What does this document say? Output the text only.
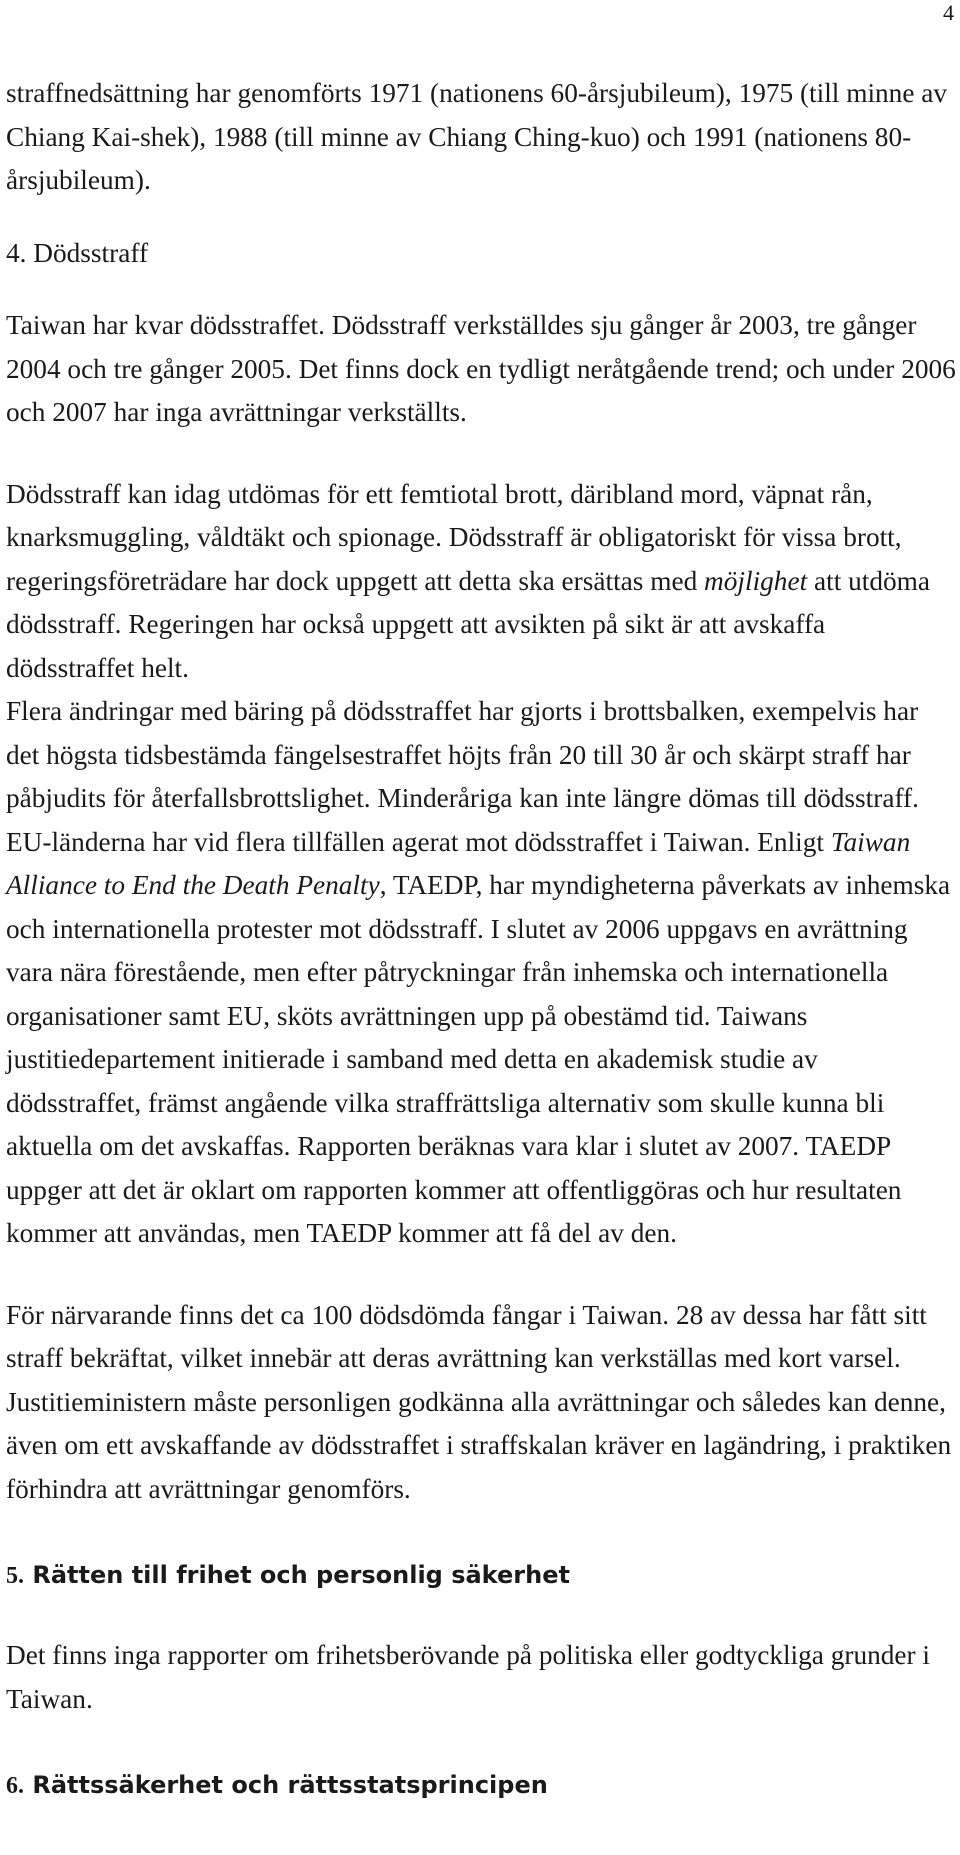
4

straffnedsättning har genomförts 1971 (nationens 60-årsjubileum), 1975 (till minne av Chiang Kai-shek), 1988 (till minne av Chiang Ching-kuo) och 1991 (nationens 80-årsjubileum).

4. Dödsstraff

Taiwan har kvar dödsstraffet. Dödsstraff verkställdes sju gånger år 2003, tre gånger 2004 och tre gånger 2005. Det finns dock en tydligt neråtgående trend; och under 2006 och 2007 har inga avrättningar verkställts.

Dödsstraff kan idag utdömas för ett femtiotal brott, däribland mord, väpnat rån, knarksmuggling, våldtäkt och spionage. Dödsstraff är obligatoriskt för vissa brott, regeringsföreträdare har dock uppgett att detta ska ersättas med möjlighet att utdöma dödsstraff. Regeringen har också uppgett att avsikten på sikt är att avskaffa dödsstraffet helt.

Flera ändringar med bäring på dödsstraffet har gjorts i brottsbalken, exempelvis har det högsta tidsbestämda fängelsestraffet höjts från 20 till 30 år och skärpt straff har påbjudits för återfallsbrottslighet. Minderåriga kan inte längre dömas till dödsstraff.

EU-länderna har vid flera tillfällen agerat mot dödsstraffet i Taiwan. Enligt Taiwan Alliance to End the Death Penalty, TAEDP, har myndigheterna påverkats av inhemska och internationella protester mot dödsstraff. I slutet av 2006 uppgavs en avrättning vara nära förestående, men efter påtryckningar från inhemska och internationella organisationer samt EU, sköts avrättningen upp på obestämd tid. Taiwans justitiedepartement initierade i samband med detta en akademisk studie av dödsstraffet, främst angående vilka straffrättsliga alternativ som skulle kunna bli aktuella om det avskaffas. Rapporten beräknas vara klar i slutet av 2007. TAEDP uppger att det är oklart om rapporten kommer att offentliggöras och hur resultaten kommer att användas, men TAEDP kommer att få del av den.

För närvarande finns det ca 100 dödsdömda fångar i Taiwan. 28 av dessa har fått sitt straff bekräftat, vilket innebär att deras avrättning kan verkställas med kort varsel. Justitieministern måste personligen godkänna alla avrättningar och således kan denne, även om ett avskaffande av dödsstraffet i straffskalan kräver en lagändring, i praktiken förhindra att avrättningar genomförs.

5. Rätten till frihet och personlig säkerhet

Det finns inga rapporter om frihetsberövande på politiska eller godtyckliga grunder i Taiwan.

6. Rättssäkerhet och rättsstatsprincipen
